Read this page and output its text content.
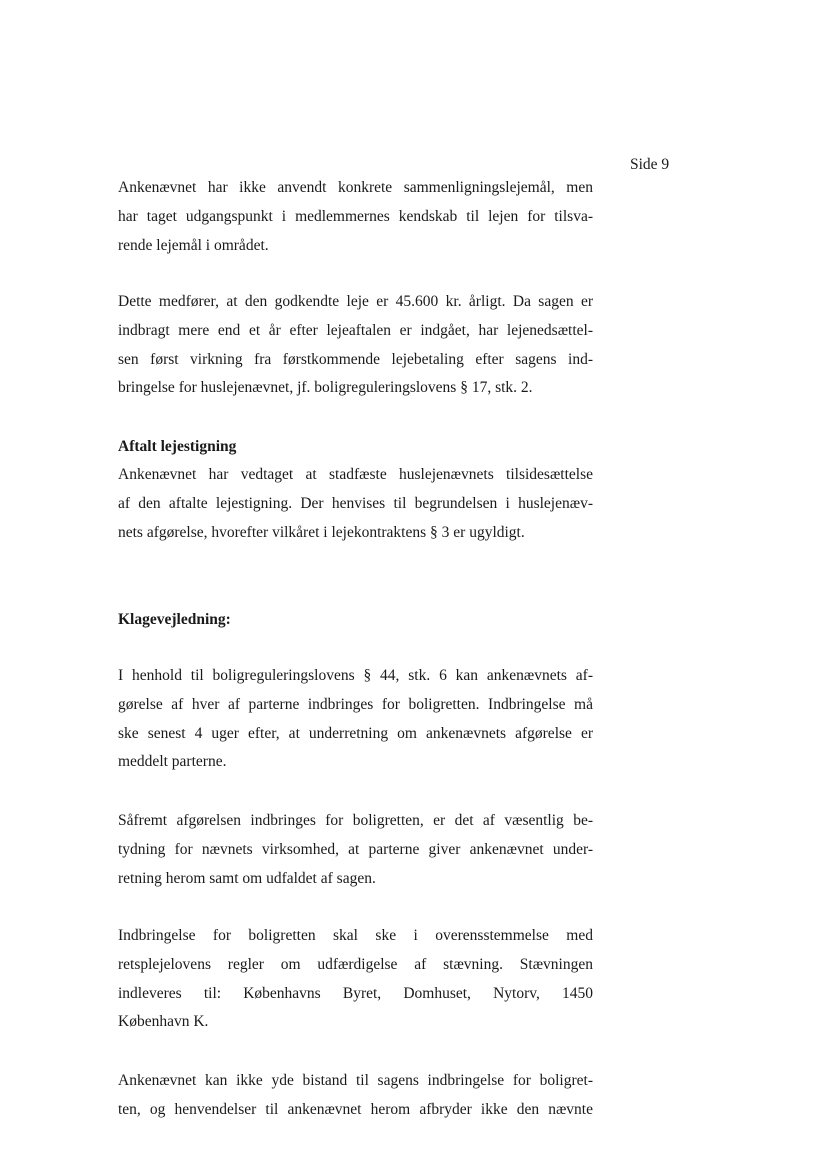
Side 9
Ankenævnet har ikke anvendt konkrete sammenligningslejemål, men
har taget udgangspunkt i medlemmernes kendskab til lejen for tilsva-
rende lejemål i området.
Dette medfører, at den godkendte leje er 45.600 kr. årligt. Da sagen er
indbragt mere end et år efter lejeaftalen er indgået, har lejenedsættel-
sen først virkning fra førstkommende lejebetaling efter sagens ind-
bringelse for huslejenævnet, jf. boligreguleringslovens § 17, stk. 2.
Aftalt lejestigning
Ankenævnet har vedtaget at stadfæste huslejenævnets tilsidesættelse
af den aftalte lejestigning. Der henvises til begrundelsen i huslejenæv-
nets afgørelse, hvorefter vilkåret i lejekontraktens § 3 er ugyldigt.
Klagevejledning:
I henhold til boligreguleringslovens § 44, stk. 6 kan ankenævnets af-
gørelse af hver af parterne indbringes for boligretten. Indbringelse må
ske senest 4 uger efter, at underretning om ankenævnets afgørelse er
meddelt parterne.
Såfremt afgørelsen indbringes for boligretten, er det af væsentlig be-
tydning for nævnets virksomhed, at parterne giver ankenævnet under-
retning herom samt om udfaldet af sagen.
Indbringelse for boligretten skal ske i overensstemmelse med
retsplejelovens regler om udfærdigelse af stævning. Stævningen
indleveres til: Københavns Byret, Domhuset, Nytorv, 1450
København K.
Ankenævnet kan ikke yde bistand til sagens indbringelse for boligret-
ten, og henvendelser til ankenævnet herom afbryder ikke den nævnte
